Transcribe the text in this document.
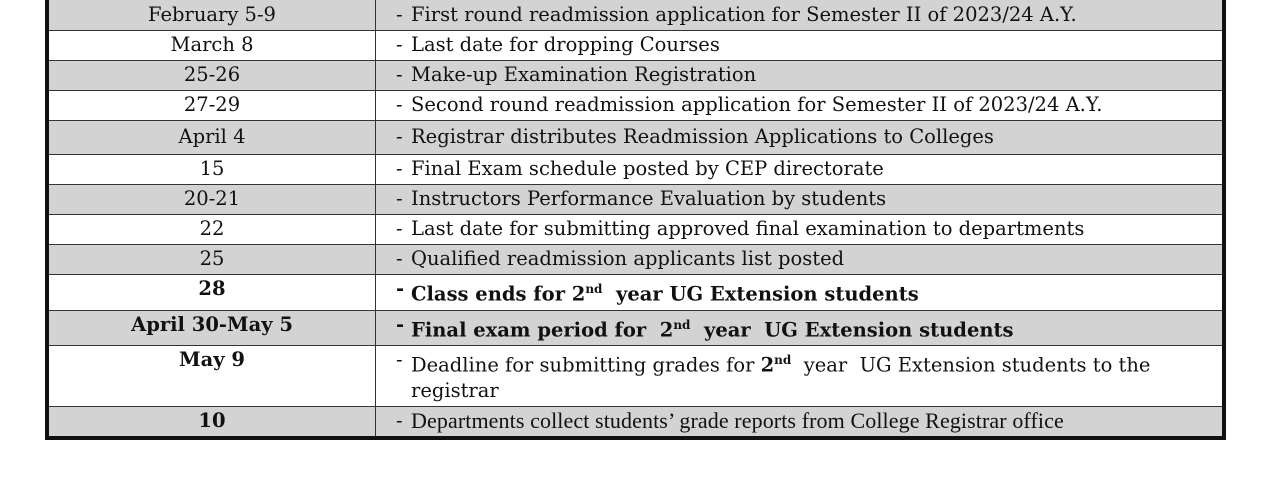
February 5-9	- First round readmission application for Semester II of 2023/24 A.Y.

March 8	- Last date for dropping Courses

25-26	- Make-up Examination Registration

27-29	- Second round readmission application for Semester II of 2023/24 A.Y.

April 4	- Registrar distributes Readmission Applications to Colleges

15	- Final Exam schedule posted by CEP directorate

20-21	- Instructors Performance Evaluation by students

22	- Last date for submitting approved final examination to departments

25	- Qualified readmission applicants list posted

28	- Class ends for 2nd  year UG Extension students

April 30-May 5	- Final exam period for  2nd  year  UG Extension students

May 9	- Deadline for submitting grades for 2nd  year  UG Extension students to the registrar

10	- Departments collect students’ grade reports from College Registrar office
